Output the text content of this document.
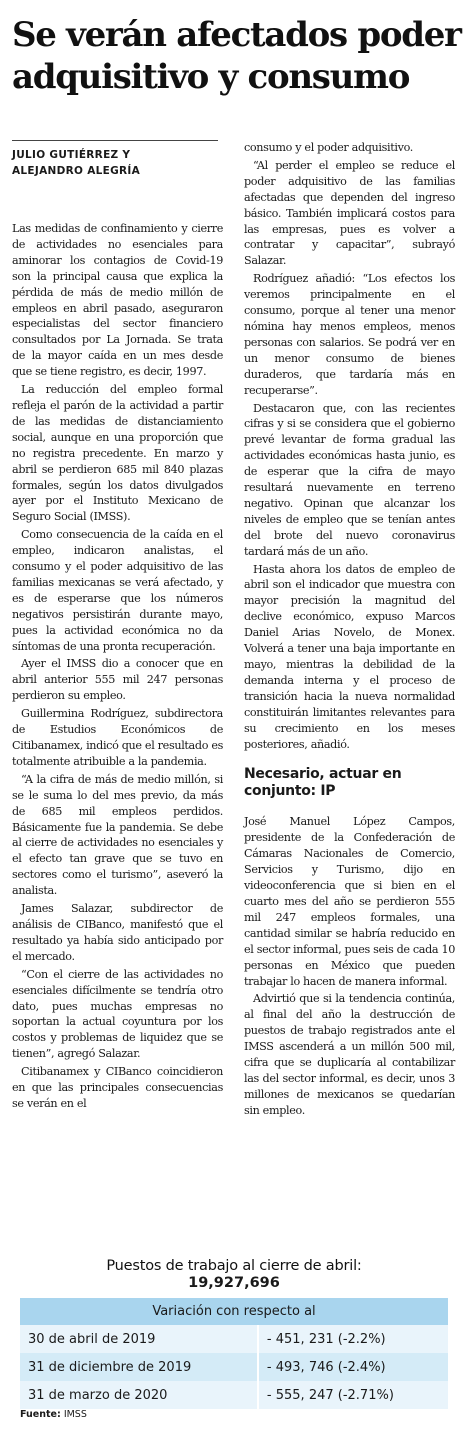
Se verán afectados poder adquisitivo y consumo
JULIO GUTIÉRREZ Y
ALEJANDRO ALEGRÍA

Las medidas de confinamiento y cierre de actividades no esenciales para aminorar los contagios de Covid-19 son la principal causa que explica la pérdida de más de medio millón de empleos en abril pasado, aseguraron especialistas del sector financiero consultados por La Jornada. Se trata de la mayor caída en un mes desde que se tiene registro, es decir, 1997.

La reducción del empleo formal refleja el parón de la actividad a partir de las medidas de distanciamiento social, aunque en una proporción que no registra precedente. En marzo y abril se perdieron 685 mil 840 plazas formales, según los datos divulgados ayer por el Instituto Mexicano de Seguro Social (IMSS).

Como consecuencia de la caída en el empleo, indicaron analistas, el consumo y el poder adquisitivo de las familias mexicanas se verá afectado, y es de esperarse que los números negativos persistirán durante mayo, pues la actividad económica no da síntomas de una pronta recuperación.

Ayer el IMSS dio a conocer que en abril anterior 555 mil 247 personas perdieron su empleo.

Guillermina Rodríguez, subdirectora de Estudios Económicos de Citibanamex, indicó que el resultado es totalmente atribuible a la pandemia.

“A la cifra de más de medio millón, si se le suma lo del mes previo, da más de 685 mil empleos perdidos. Básicamente fue la pandemia. Se debe al cierre de actividades no esenciales y el efecto tan grave que se tuvo en sectores como el turismo”, aseveró la analista.

James Salazar, subdirector de análisis de CIBanco, manifestó que el resultado ya había sido anticipado por el mercado.

“Con el cierre de las actividades no esenciales difícilmente se tendría otro dato, pues muchas empresas no soportan la actual coyuntura por los costos y problemas de liquidez que se tienen”, agregó Salazar.

Citibanamex y CIBanco coincidieron en que las principales consecuencias se verán en el

consumo y el poder adquisitivo.

“Al perder el empleo se reduce el poder adquisitivo de las familias afectadas que dependen del ingreso básico. También implicará costos para las empresas, pues es volver a contratar y capacitar”, subrayó Salazar.

Rodríguez añadió: “Los efectos los veremos principalmente en el consumo, porque al tener una menor nómina hay menos empleos, menos personas con salarios. Se podrá ver en un menor consumo de bienes duraderos, que tardaría más en recuperarse”.

Destacaron que, con las recientes cifras y si se considera que el gobierno prevé levantar de forma gradual las actividades económicas hasta junio, es de esperar que la cifra de mayo resultará nuevamente en terreno negativo. Opinan que alcanzar los niveles de empleo que se tenían antes del brote del nuevo coronavirus tardará más de un año.

Hasta ahora los datos de empleo de abril son el indicador que muestra con mayor precisión la magnitud del declive económico, expuso Marcos Daniel Arias Novelo, de Monex. Volverá a tener una baja importante en mayo, mientras la debilidad de la demanda interna y el proceso de transición hacia la nueva normalidad constituirán limitantes relevantes para su crecimiento en los meses posteriores, añadió.

Necesario, actuar en conjunto: IP

José Manuel López Campos, presidente de la Confederación de Cámaras Nacionales de Comercio, Servicios y Turismo, dijo en videoconferencia que si bien en el cuarto mes del año se perdieron 555 mil 247 empleos formales, una cantidad similar se habría reducido en el sector informal, pues seis de cada 10 personas en México que pueden trabajar lo hacen de manera informal.

Advirtió que si la tendencia continúa, al final del año la destrucción de puestos de trabajo registrados ante el IMSS ascenderá a un millón 500 mil, cifra que se duplicaría al contabilizar las del sector informal, es decir, unos 3 millones de mexicanos se quedarían sin empleo.

Puestos de trabajo al cierre de abril:

19,927,696

Variación con respecto al	
30 de abril de 2019	- 451, 231 (-2.2%)
31 de diciembre de 2019	- 493, 746 (-2.4%)
31 de marzo de 2020	- 555, 247 (-2.71%)
Fuente: IMSS
